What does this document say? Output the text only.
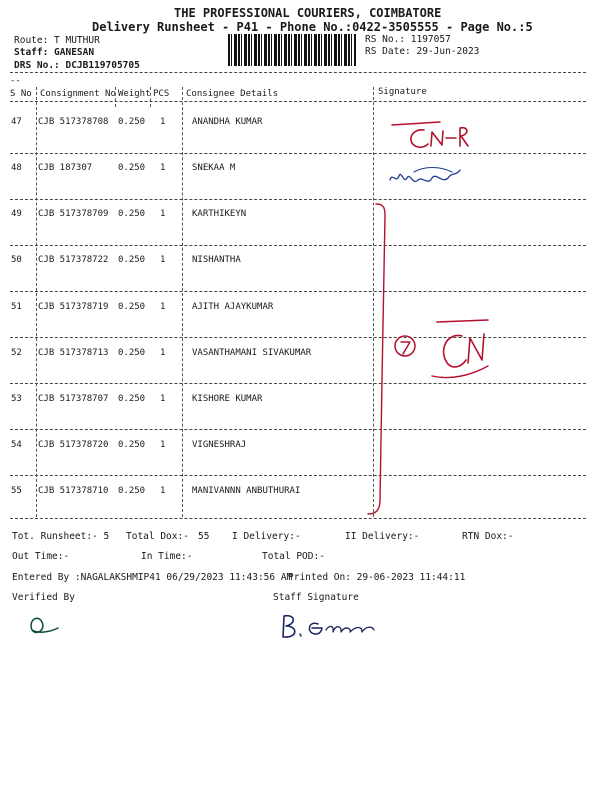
THE PROFESSIONAL COURIERS, COIMBATORE
Delivery Runsheet - P41 - Phone No.:0422-3505555 - Page No.:5
Route: T MUTHUR
Staff: GANESAN
DRS No.: DCJB119705705
RS No.: 1197057
RS Date: 29-Jun-2023
--
S No Consignment No Weight PCS Consignee Details	Signature
47 CJB 517378708 0.250 1	ANANDHA KUMAR
48 CJB 187307	0.250 1	SNEKAA M
49 CJB 517378709 0.250 1	KARTHIKEYN
50 CJB 517378722 0.250 1	NISHANTHA
51 CJB 517378719 0.250 1	AJITH AJAYKUMAR
52 CJB 517378713 0.250 1	VASANTHAMANI SIVAKUMAR
53 CJB 517378707 0.250 1	KISHORE KUMAR
54 CJB 517378720 0.250 1	VIGNESHRAJ
55 CJB 517378710 0.250 1	MANIVANNN ANBUTHURAI
Tot. Runsheet:- 5 Total Dox:- 55 I Delivery:-	II Delivery:-	RTN Dox:-
Out Time:-	In Time:-	Total POD:-
Entered By :NAGALAKSHMIP41 06/29/2023 11:43:56 AM
Printed On: 29-06-2023 11:44:11
Verified By	Staff Signature
